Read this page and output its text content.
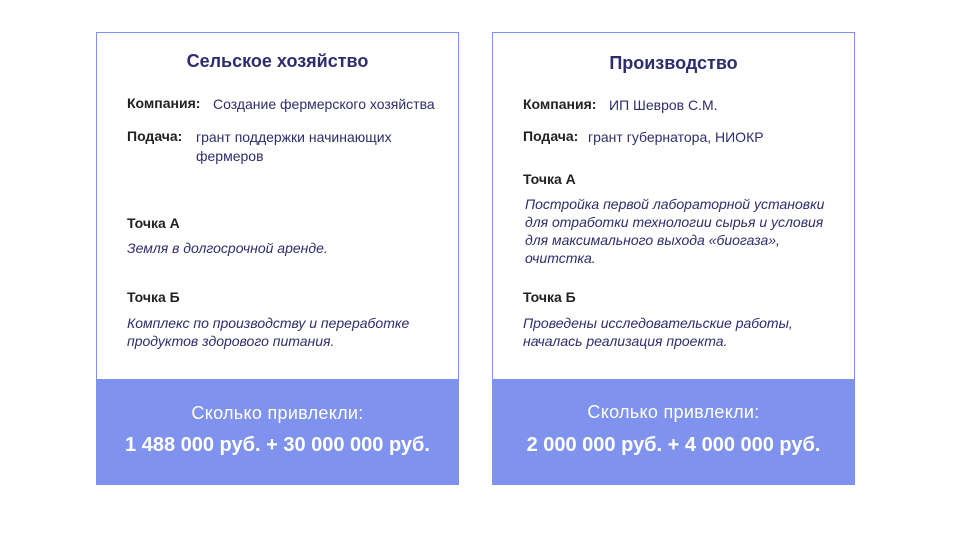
Сельское хозяйство
Компания: Создание фермерского хозяйства
Подача: грант поддержки начинающих фермеров
Точка А
Земля в долгосрочной аренде.
Точка Б
Комплекс по производству и переработке продуктов здорового питания.
Сколько привлекли:
1 488 000 руб. + 30 000 000 руб.
Производство
Компания: ИП Шевров С.М.
Подача: грант губернатора, НИОКР
Точка А
Постройка первой лабораторной установки для отработки технологии сырья и условия для максимального выхода «биогаза», очитстка.
Точка Б
Проведены исследовательские работы, началась реализация проекта.
Сколько привлекли:
2 000 000 руб. + 4 000 000 руб.
